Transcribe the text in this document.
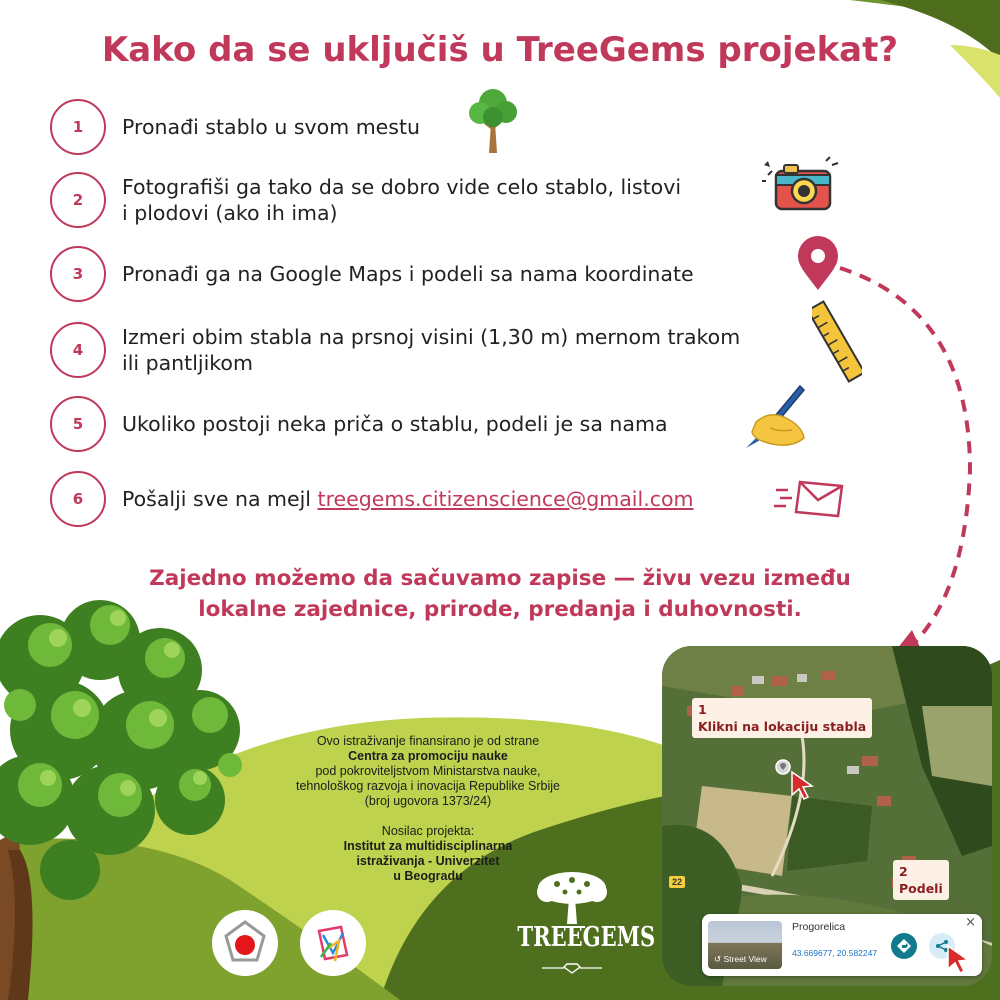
Kako da se uključiš u TreeGems projekat?
1	Pronađi stablo u svom mestu
2
Fotografiši ga tako da se dobro vide celo stablo, listovi
i plodovi (ako ih ima)
3	Pronađi ga na Google Maps i podeli sa nama koordinate
4
Izmeri obim stabla na prsnoj visini (1,30 m) mernom trakom
ili pantljikom
5	Ukoliko postoji neka priča o stablu, podeli je sa nama
6	Pošalji sve na mejl treegems.citizenscience@gmail.com
Zajedno možemo da sačuvamo zapise — živu vezu između
lokalne zajednice, prirode, predanja i duhovnosti.
Ovo istraživanje finansirano je od strane
Centra za promociju nauke
pod pokroviteljstvom Ministarstva nauke,
tehnološkog razvoja i inovacija Republike Srbije
(broj ugovora 1373/24)
Nosilac projekta:
Institut za multidisciplinarna
istraživanja - Univerzitet
u Beogradu
TREEGEMS
1
Klikni na lokaciju stabla
2
Podeli
22
↺ Street View
Progorelica
43.669677, 20.582247
×
